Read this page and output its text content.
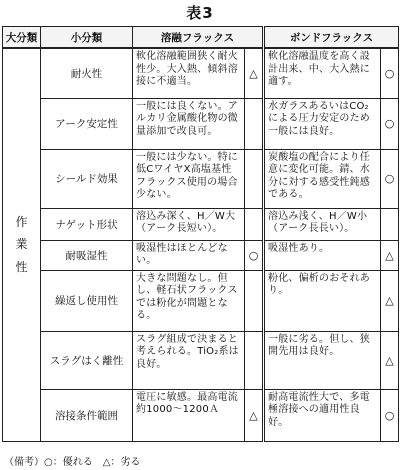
表3
大分類	小分類	溶融フラックス		ボンドフラックス	

作
業
性	耐火性	軟化溶融範囲狭く耐火性少。大入熱、傾斜溶接に不適当。	△	軟化溶融温度を高く設計出来、中、大入熱に適す。	○
	アーク安定性	一般には良くない。アルカリ金属酸化物の微量添加で改良可。		水ガラスあるいはCO₂による圧力安定のため一般には良好。	○
	シールド効果	一般には少ない。特に低CワイヤX高塩基性フラックス使用の場合少ない。		炭酸塩の配合により任意に変化可能。錆、水分に対する感受性鈍感である。	○
	ナゲット形状	溶込み深く、H／W大（アーク長短い）。		溶込み浅く、H／W小（アーク長長い）。	
	耐吸湿性	吸湿性はほとんどない。	○	吸湿性あり。	△
	繰返し使用性	大きな問題なし。但し、軽石状フラックスでは粉化が問題となる。		粉化、偏析のおそれあり。	△
	スラグはく離性	スラグ組成で決まると考えられる。TiO₂系は良好。		一般に劣る。但し、狭開先用は良好。	△
	溶接条件範囲	電圧に敏感。最高電流約1000～1200Ａ	△	耐高電流性大で、多電極溶接への適用性良好。	○
（備考）○：優れる　△：劣る
